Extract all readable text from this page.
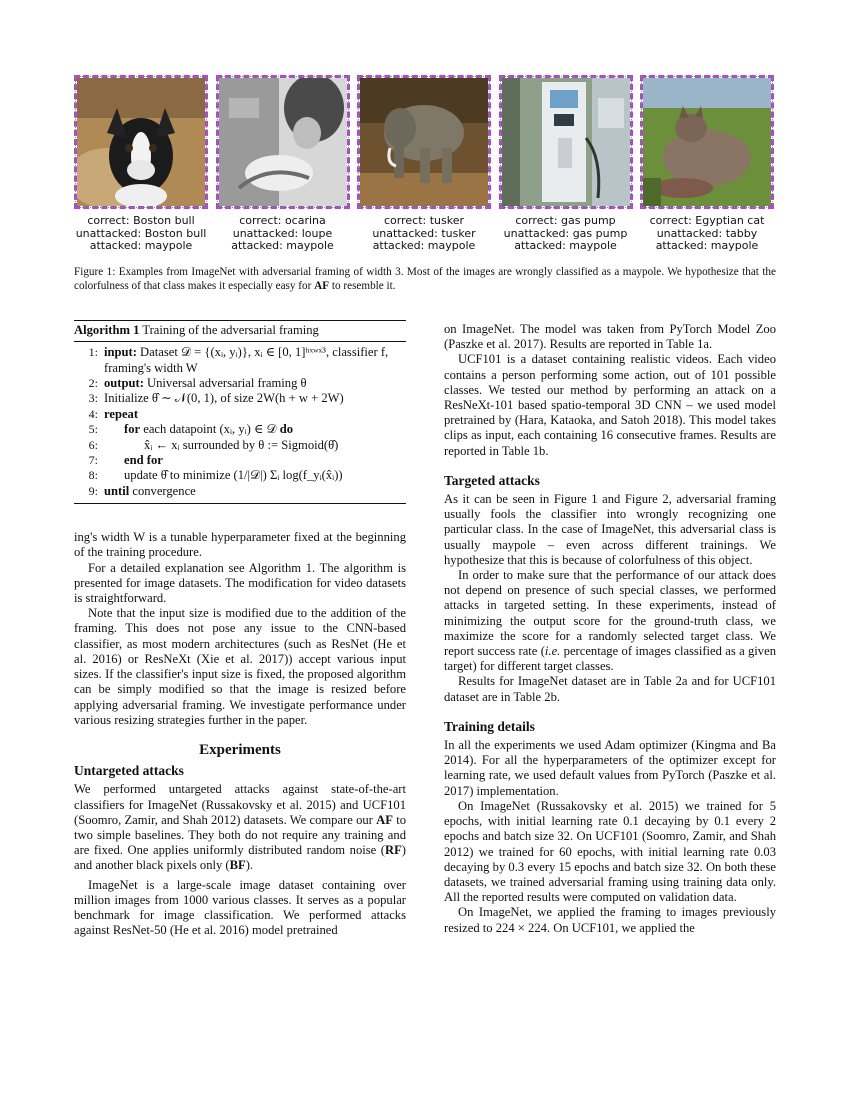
correct: Boston bull
unattacked: Boston bull
attacked: maypole
correct: ocarina
unattacked: loupe
attacked: maypole
correct: tusker
unattacked: tusker
attacked: maypole
correct: gas pump
unattacked: gas pump
attacked: maypole
correct: Egyptian cat
unattacked: tabby
attacked: maypole
Figure 1: Examples from ImageNet with adversarial framing of width 3. Most of the images are wrongly classified as a maypole. We hypothesize that the colorfulness of that class makes it especially easy for AF to resemble it.
Algorithm 1 Training of the adversarial framing
1: input: Dataset 𝒟 = {(xᵢ, yᵢ)}, xᵢ ∈ [0, 1]ʰˣʷˣ³, classifier f, framing's width W
2: output: Universal adversarial framing θ
3: Initialize θ̂ ∼ 𝒩(0, 1), of size 2W(h + w + 2W)
4: repeat
5:	for each datapoint (xᵢ, yᵢ) ∈ 𝒟 do
6:	x̂ᵢ ← xᵢ surrounded by θ := Sigmoid(θ̂)
7:	end for
8:	update θ̂ to minimize (1/|𝒟|) Σᵢ log(f_yᵢ(x̂ᵢ))
9: until convergence

ing's width W is a tunable hyperparameter fixed at the beginning of the training procedure.

For a detailed explanation see Algorithm 1. The algorithm is presented for image datasets. The modification for video datasets is straightforward.

Note that the input size is modified due to the addition of the framing. This does not pose any issue to the CNN-based classifier, as most modern architectures (such as ResNet (He et al. 2016) or ResNeXt (Xie et al. 2017)) accept various input sizes. If the classifier's input size is fixed, the proposed algorithm can be simply modified so that the image is resized before applying adversarial framing. We investigate performance under various resizing strategies further in the paper.

Experiments
Untargeted attacks

We performed untargeted attacks against state-of-the-art classifiers for ImageNet (Russakovsky et al. 2015) and UCF101 (Soomro, Zamir, and Shah 2012) datasets. We compare our AF to two simple baselines. They both do not require any training and are fixed. One applies uniformly distributed random noise (RF) and another black pixels only (BF).

ImageNet is a large-scale image dataset containing over million images from 1000 various classes. It serves as a popular benchmark for image classification. We performed attacks against ResNet-50 (He et al. 2016) model pretrained

on ImageNet. The model was taken from PyTorch Model Zoo (Paszke et al. 2017). Results are reported in Table 1a.

UCF101 is a dataset containing realistic videos. Each video contains a person performing some action, out of 101 possible classes. We tested our method by performing an attack on a ResNeXt-101 based spatio-temporal 3D CNN – we used model pretrained by (Hara, Kataoka, and Satoh 2018). This model takes clips as input, each containing 16 consecutive frames. Results are reported in Table 1b.

Targeted attacks

As it can be seen in Figure 1 and Figure 2, adversarial framing usually fools the classifier into wrongly recognizing one particular class. In the case of ImageNet, this adversarial class is usually maypole – even across different trainings. We hypothesize that this is because of colorfulness of this object.

In order to make sure that the performance of our attack does not depend on presence of such special classes, we performed attacks in targeted setting. In these experiments, instead of minimizing the output score for the ground-truth class, we maximize the score for a randomly selected target class. We report success rate (i.e. percentage of images classified as a given target) for different target classes.

Results for ImageNet dataset are in Table 2a and for UCF101 dataset are in Table 2b.

Training details

In all the experiments we used Adam optimizer (Kingma and Ba 2014). For all the hyperparameters of the optimizer except for learning rate, we used default values from PyTorch (Paszke et al. 2017) implementation.

On ImageNet (Russakovsky et al. 2015) we trained for 5 epochs, with initial learning rate 0.1 decaying by 0.1 every 2 epochs and batch size 32. On UCF101 (Soomro, Zamir, and Shah 2012) we trained for 60 epochs, with initial learning rate 0.03 decaying by 0.3 every 15 epochs and batch size 32. On both these datasets, we trained adversarial framing using training data only. All the reported results were computed on validation data.

On ImageNet, we applied the framing to images previously resized to 224 × 224. On UCF101, we applied the
